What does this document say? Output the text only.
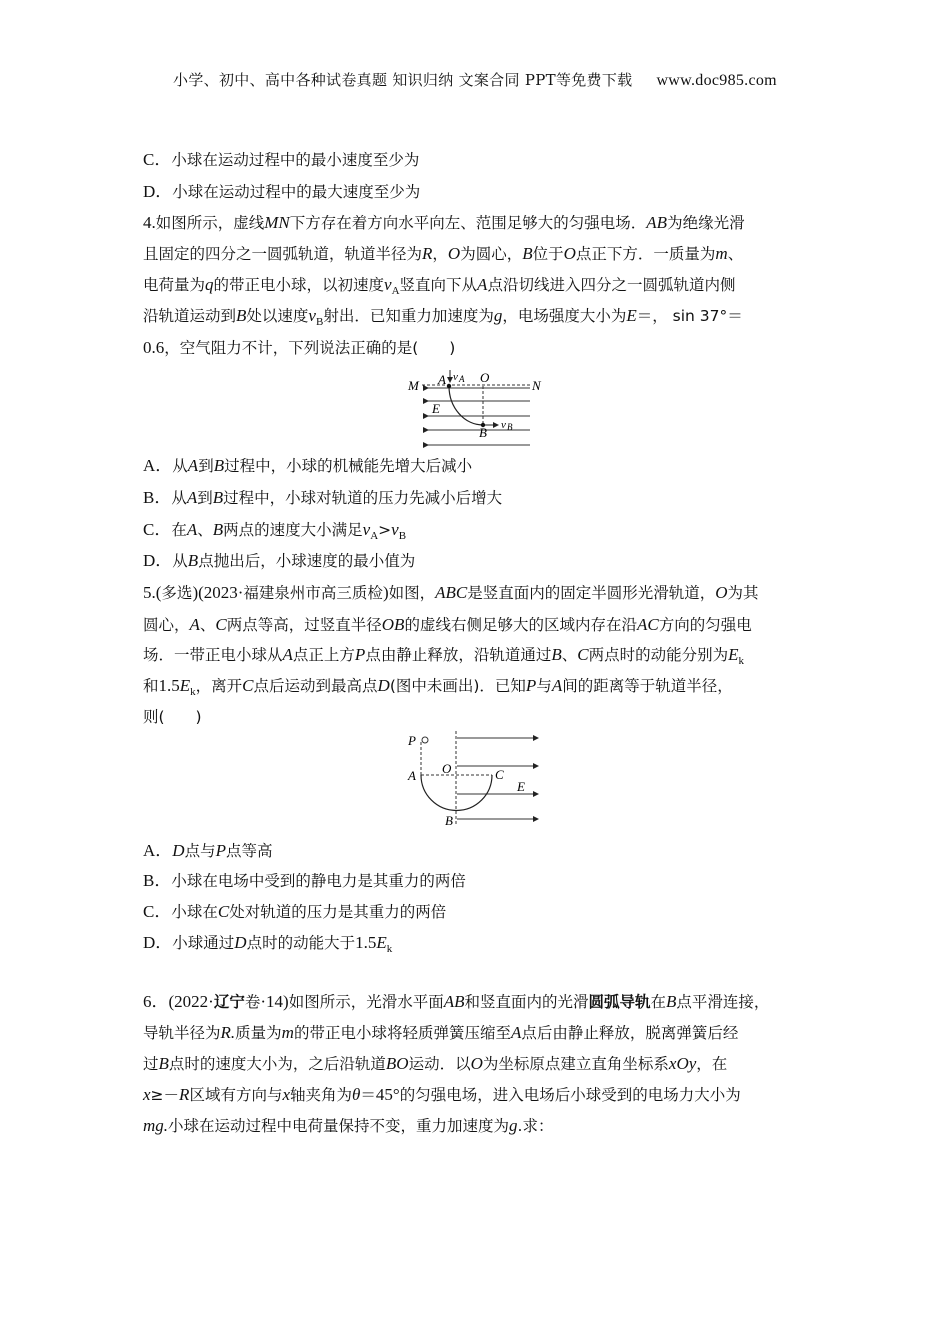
小学、初中、高中各种试卷真题 知识归纳 文案合同 PPT等免费下载 www.doc985.com
C．小球在运动过程中的最小速度至少为
D．小球在运动过程中的最大速度至少为
4.如图所示，虚线MN下方存在着方向水平向左、范围足够大的匀强电场．AB为绝缘光滑
且固定的四分之一圆弧轨道，轨道半径为R，O为圆心，B位于O点正下方．一质量为m、
电荷量为q的带正电小球，以初速度$v_A$竖直向下从A点沿切线进入四分之一圆弧轨道内侧
沿轨道运动到B处以速度$v_B$射出．已知重力加速度为g，电场强度大小为E＝， sin 37°＝
0.6，空气阻力不计，下列说法正确的是(　　)
A．从A到B过程中，小球的机械能先增大后减小
B．从A到B过程中，小球对轨道的压力先减小后增大
C．在A、B两点的速度大小满足$v_A>v_B$
D．从B点抛出后，小球速度的最小值为
5.(多选)(2023·福建泉州市高三质检)如图，ABC是竖直面内的固定半圆形光滑轨道，O为其
圆心，A、C两点等高，过竖直半径OB的虚线右侧足够大的区域内存在沿AC方向的匀强电
场．一带正电小球从A点正上方P点由静止释放，沿轨道通过B、C两点时的动能分别为$E_k$
和$1.5E_k$，离开C点后运动到最高点D(图中未画出)．已知P与A间的距离等于轨道半径，
则(　　)
A．D点与P点等高
B．小球在电场中受到的静电力是其重力的两倍
C．小球在C处对轨道的压力是其重力的两倍
D．小球通过D点时的动能大于$1.5E_k$
6．(2022·辽宁卷·14)如图所示，光滑水平面AB和竖直面内的光滑圆弧导轨在B点平滑连接，
导轨半径为R.质量为m的带正电小球将轻质弹簧压缩至A点后由静止释放，脱离弹簧后经
过B点时的速度大小为，之后沿轨道BO运动．以O为坐标原点建立直角坐标系xOy，在
x≥－R区域有方向与x轴夹角为θ＝45°的匀强电场，进入电场后小球受到的电场力大小为
mg.小球在运动过程中电荷量保持不变，重力加速度为g.求：
M	N
A	O
E
B
v A
v B
P
A O	C
E
B
